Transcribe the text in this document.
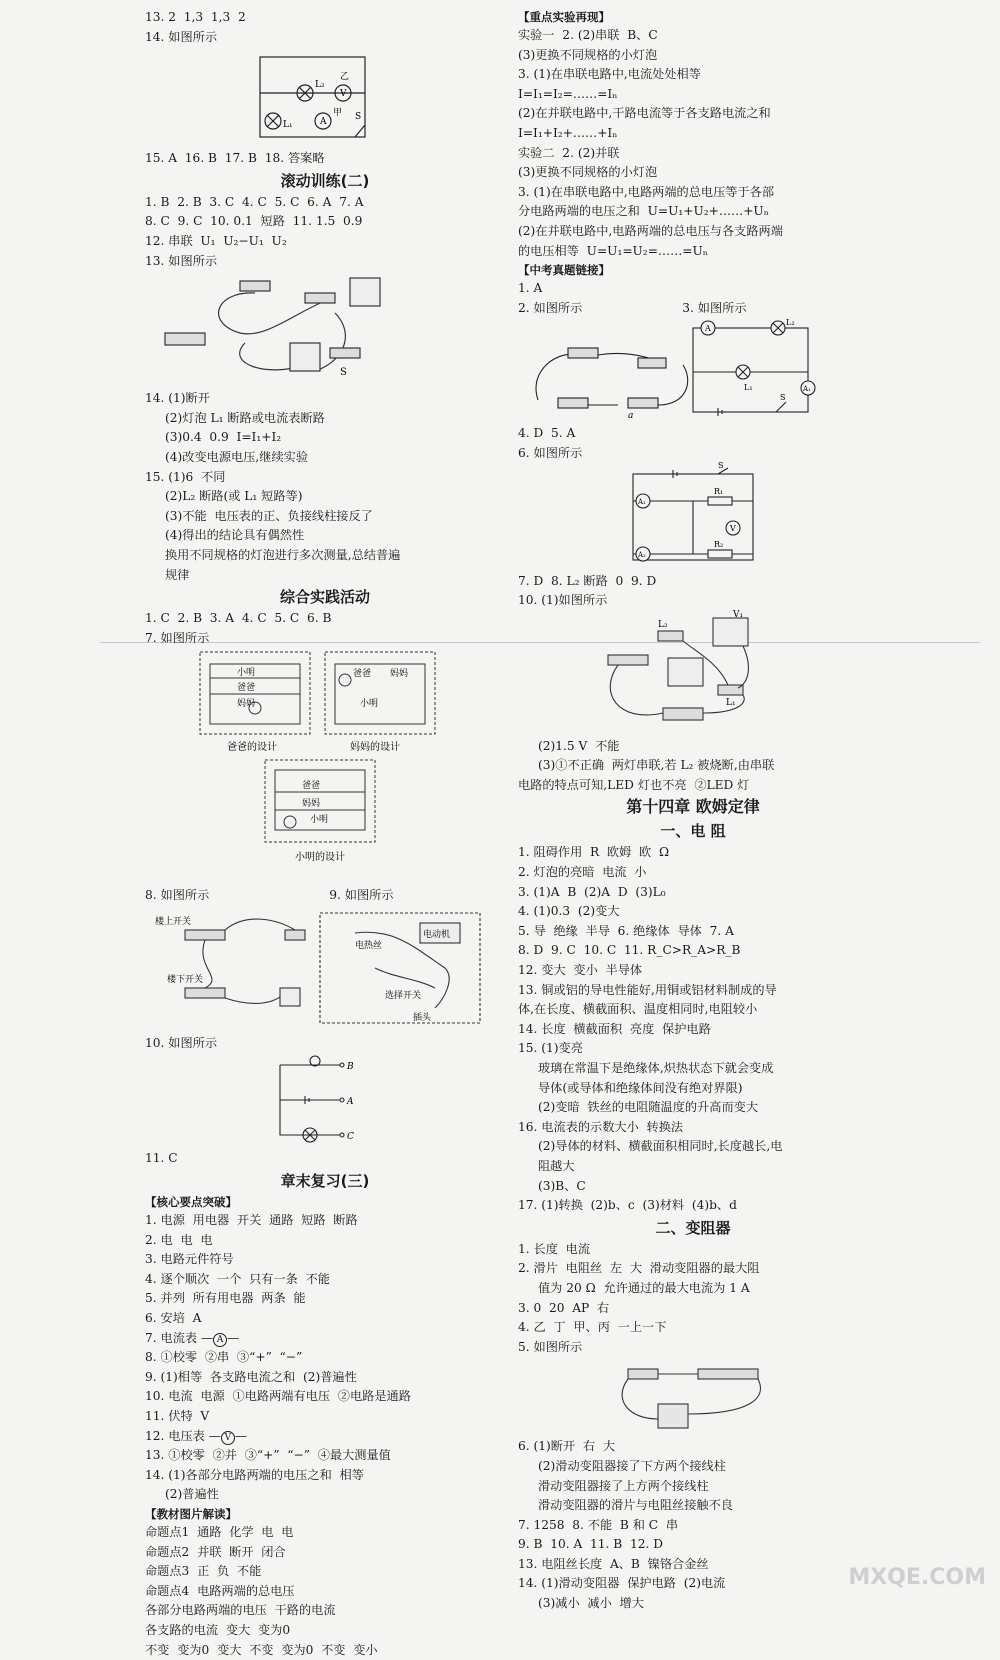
13. 2  1,3  1,3  2
14. 如图所示
L₂
乙
V
L₁	A
甲 S
15. A  16. B  17. B  18. 答案略
滚动训练(二)
1. B  2. B  3. C  4. C  5. C  6. A  7. A
8. C  9. C  10. 0.1  短路  11. 1.5  0.9
12. 串联  U₁  U₂−U₁  U₂
13. 如图所示
S
14. (1)断开
(2)灯泡 L₁ 断路或电流表断路
(3)0.4  0.9  I=I₁+I₂
(4)改变电源电压,继续实验
15. (1)6  不同
(2)L₂ 断路(或 L₁ 短路等)
(3)不能  电压表的正、负接线柱接反了
(4)得出的结论具有偶然性
换用不同规格的灯泡进行多次测量,总结普遍
规律
综合实践活动
1. C  2. B  3. A  4. C  5. C  6. B
7. 如图所示
小明
爸爸
妈妈
爸爸 妈妈
小明
爸爸
妈妈
小明
爸爸的设计	妈妈的设计
小明的设计
8. 如图所示	9. 如图所示
楼上开关
楼下开关
电动机
电热丝
选择开关
插头
10. 如图所示
B
A
C
11. C
章末复习(三)
【核心要点突破】
1. 电源  用电器  开关  通路  短路  断路
2. 电  电  电
3. 电路元件符号
4. 逐个顺次  一个  只有一条  不能
5. 并列  所有用电器  两条  能
6. 安培  A
7. 电流表 — A —
8. ①校零  ②串  ③“+”  “−”
9. (1)相等  各支路电流之和  (2)普遍性
10. 电流  电源  ①电路两端有电压  ②电路是通路
11. 伏特  V
12. 电压表 — V —
13. ①校零  ②并  ③“+”  “−”  ④最大测量值
14. (1)各部分电路两端的电压之和  相等
(2)普遍性
【教材图片解读】
命题点1  通路  化学  电  电
命题点2  并联  断开  闭合
命题点3  正  负  不能
命题点4  电路两端的总电压
各部分电路两端的电压  干路的电流
各支路的电流  变大  变为0
不变  变为0  变大  不变  变为0  不变  变小
【重点实验再现】
实验一  2. (2)串联  B、C
(3)更换不同规格的小灯泡
3. (1)在串联电路中,电流处处相等
I=I₁=I₂=……=Iₙ
(2)在并联电路中,干路电流等于各支路电流之和
I=I₁+I₂+……+Iₙ
实验二  2. (2)并联
(3)更换不同规格的小灯泡
3. (1)在串联电路中,电路两端的总电压等于各部
分电路两端的电压之和  U=U₁+U₂+……+Uₙ
(2)在并联电路中,电路两端的总电压与各支路两端
的电压相等  U=U₁=U₂=……=Uₙ
【中考真题链接】
1. A
2. 如图所示	3. 如图所示
a
A
L₂
L₁	A₁
S
4. D  5. A
6. 如图所示
S
A₁
R₁
V
A₂
R₂
7. D  8. L₂ 断路  0  9. D
10. (1)如图所示
V₁
L₂
L₁
(2)1.5 V  不能
(3)①不正确  两灯串联,若 L₂ 被烧断,由串联
电路的特点可知,LED 灯也不亮  ②LED 灯
第十四章 欧姆定律
一、电 阻
1. 阻碍作用  R  欧姆  欧  Ω
2. 灯泡的亮暗  电流  小
3. (1)A  B  (2)A  D  (3)L₀
4. (1)0.3  (2)变大
5. 导  绝缘  半导  6. 绝缘体  导体  7. A
8. D  9. C  10. C  11. R_C>R_A>R_B
12. 变大  变小  半导体
13. 铜或铝的导电性能好,用铜或铝材料制成的导
体,在长度、横截面积、温度相同时,电阻较小
14. 长度  横截面积  亮度  保护电路
15. (1)变亮
玻璃在常温下是绝缘体,炽热状态下就会变成
导体(或导体和绝缘体间没有绝对界限)
(2)变暗  铁丝的电阻随温度的升高而变大
16. 电流表的示数大小  转换法
(2)导体的材料、横截面积相同时,长度越长,电
阻越大
(3)B、C
17. (1)转换  (2)b、c  (3)材料  (4)b、d
二、变阻器
1. 长度  电流
2. 滑片  电阻丝  左  大  滑动变阻器的最大阻
值为 20 Ω  允许通过的最大电流为 1 A
3. 0  20  AP  右
4. 乙  丁  甲、丙  一上一下
5. 如图所示
6. (1)断开  右  大
(2)滑动变阻器接了下方两个接线柱
滑动变阻器接了上方两个接线柱
滑动变阻器的滑片与电阻丝接触不良
7. 1258  8. 不能  B 和 C  串
9. B  10. A  11. B  12. D
13. 电阻丝长度  A、B  镍铬合金丝
14. (1)滑动变阻器  保护电路  (2)电流
(3)减小  减小  增大
MXQE.COM
